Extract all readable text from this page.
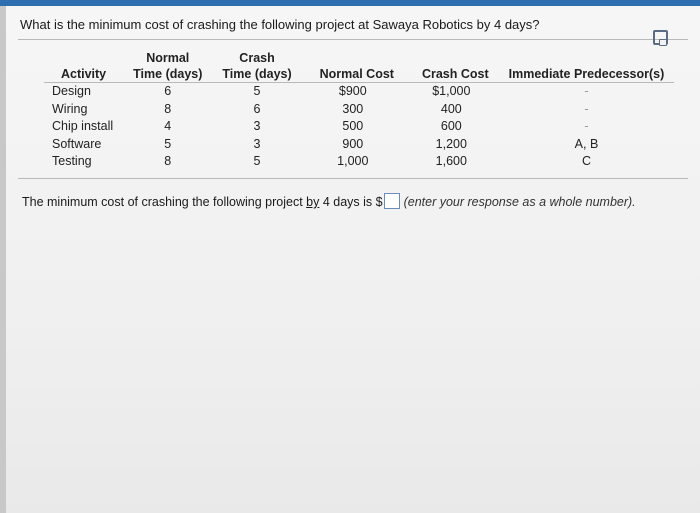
What is the minimum cost of crashing the following project at Sawaya Robotics by 4 days?
	Normal	Crash			
Activity	Time (days)	Time (days)	Normal Cost	Crash Cost	Immediate Predecessor(s)
Design	6	5	$900	$1,000	-
Wiring	8	6	300	400	-
Chip install	4	3	500	600	-
Software	5	3	900	1,200	A, B
Testing	8	5	1,000	1,600	C
The minimum cost of crashing the following project by 4 days is $ (enter your response as a whole number).
